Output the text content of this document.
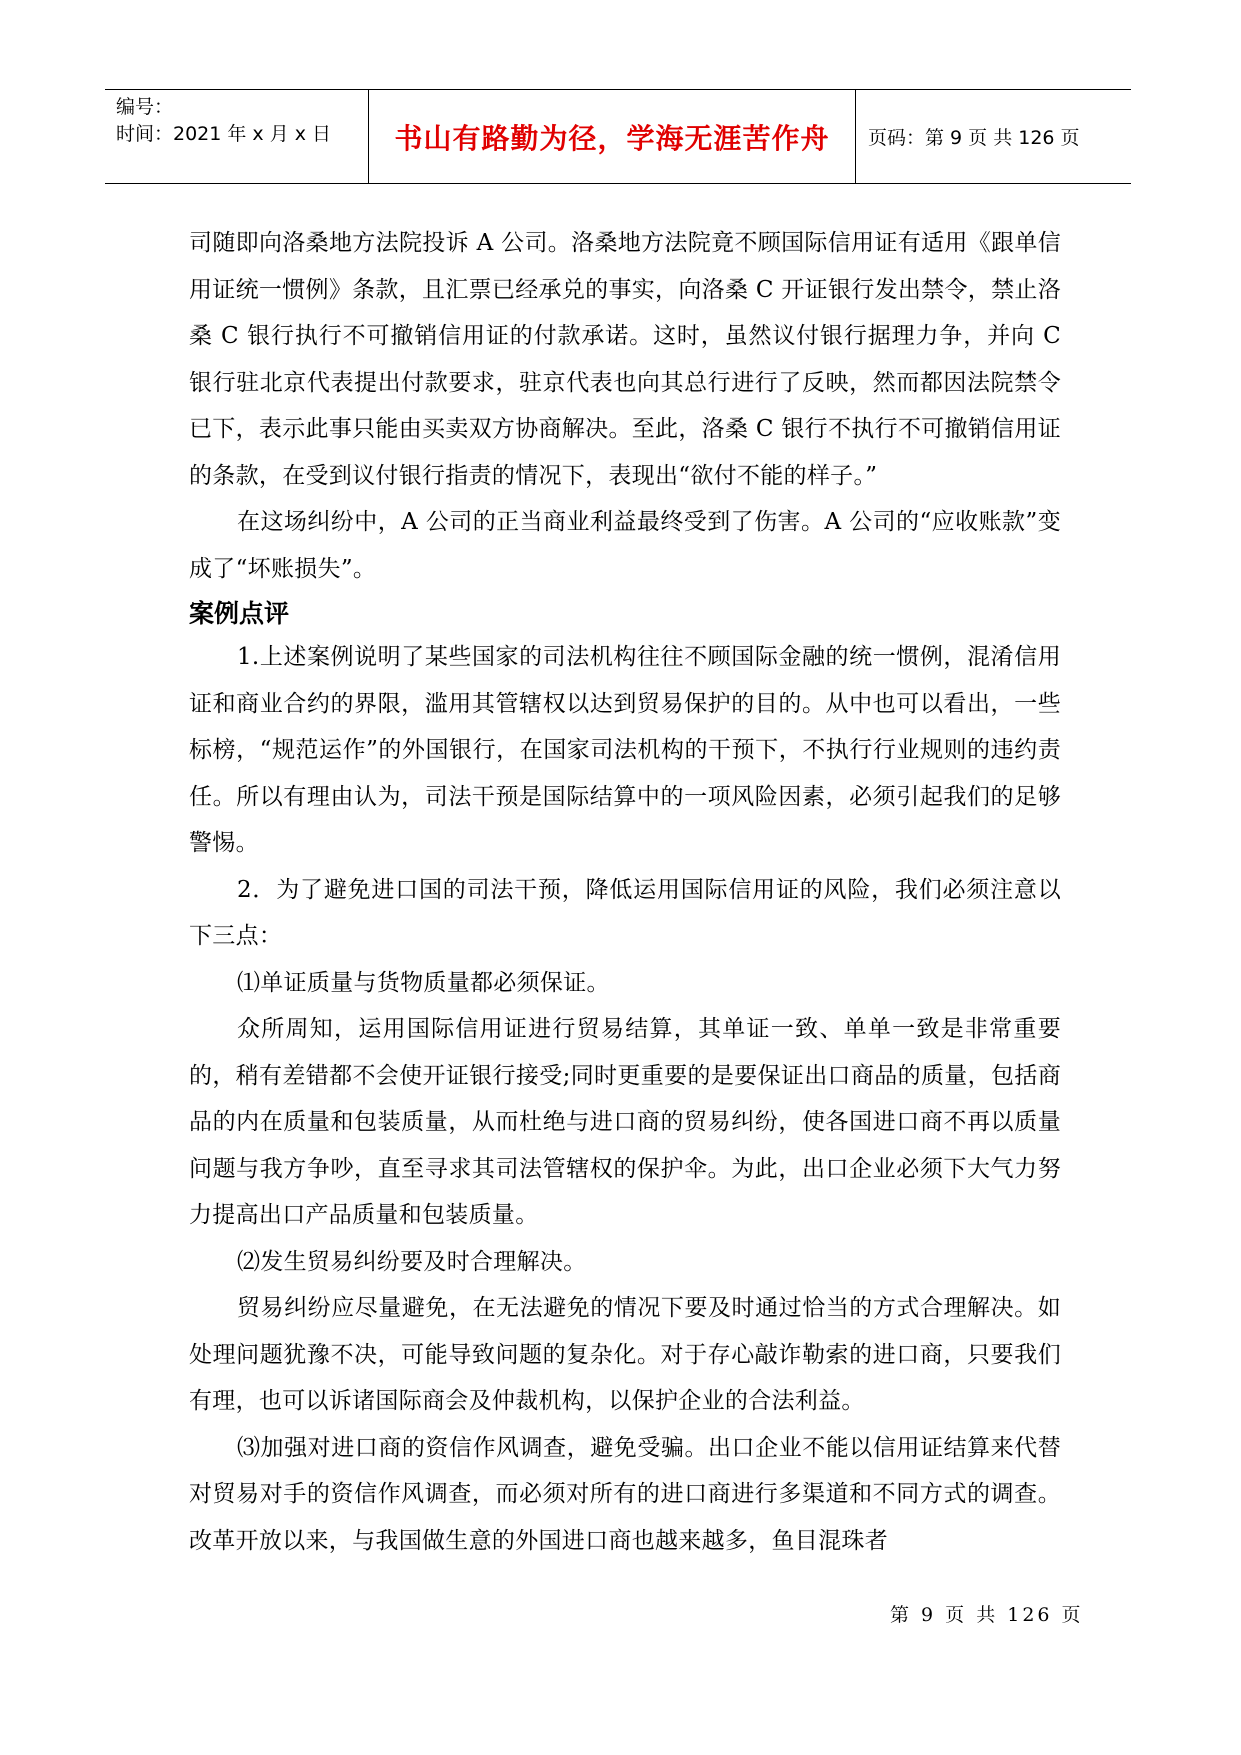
编号：
时间：2021 年 x 月 x 日	书山有路勤为径，学海无涯苦作舟 页码：第 9 页 共 126 页

司随即向洛桑地方法院投诉 A 公司。洛桑地方法院竟不顾国际信用证有适用《跟单信用证统一惯例》条款，且汇票已经承兑的事实，向洛桑 C 开证银行发出禁令，禁止洛桑 C 银行执行不可撤销信用证的付款承诺。这时，虽然议付银行据理力争，并向 C 银行驻北京代表提出付款要求，驻京代表也向其总行进行了反映，然而都因法院禁令已下，表示此事只能由买卖双方协商解决。至此，洛桑 C 银行不执行不可撤销信用证的条款，在受到议付银行指责的情况下，表现出“欲付不能的样子。”

在这场纠纷中，A 公司的正当商业利益最终受到了伤害。A 公司的“应收账款”变成了“坏账损失”。

案例点评

1.上述案例说明了某些国家的司法机构往往不顾国际金融的统一惯例，混淆信用证和商业合约的界限，滥用其管辖权以达到贸易保护的目的。从中也可以看出，一些标榜，“规范运作”的外国银行，在国家司法机构的干预下，不执行行业规则的违约责任。所以有理由认为，司法干预是国际结算中的一项风险因素，必须引起我们的足够警惕。

2．为了避免进口国的司法干预，降低运用国际信用证的风险，我们必须注意以下三点：

⑴单证质量与货物质量都必须保证。

众所周知，运用国际信用证进行贸易结算，其单证一致、单单一致是非常重要的，稍有差错都不会使开证银行接受;同时更重要的是要保证出口商品的质量，包括商品的内在质量和包装质量，从而杜绝与进口商的贸易纠纷，使各国进口商不再以质量问题与我方争吵，直至寻求其司法管辖权的保护伞。为此，出口企业必须下大气力努力提高出口产品质量和包装质量。

⑵发生贸易纠纷要及时合理解决。

贸易纠纷应尽量避免，在无法避免的情况下要及时通过恰当的方式合理解决。如处理问题犹豫不决，可能导致问题的复杂化。对于存心敲诈勒索的进口商，只要我们有理，也可以诉诸国际商会及仲裁机构，以保护企业的合法利益。

⑶加强对进口商的资信作风调查，避免受骗。出口企业不能以信用证结算来代替对贸易对手的资信作风调查，而必须对所有的进口商进行多渠道和不同方式的调查。改革开放以来，与我国做生意的外国进口商也越来越多，鱼目混珠者

第 9 页 共 126 页
